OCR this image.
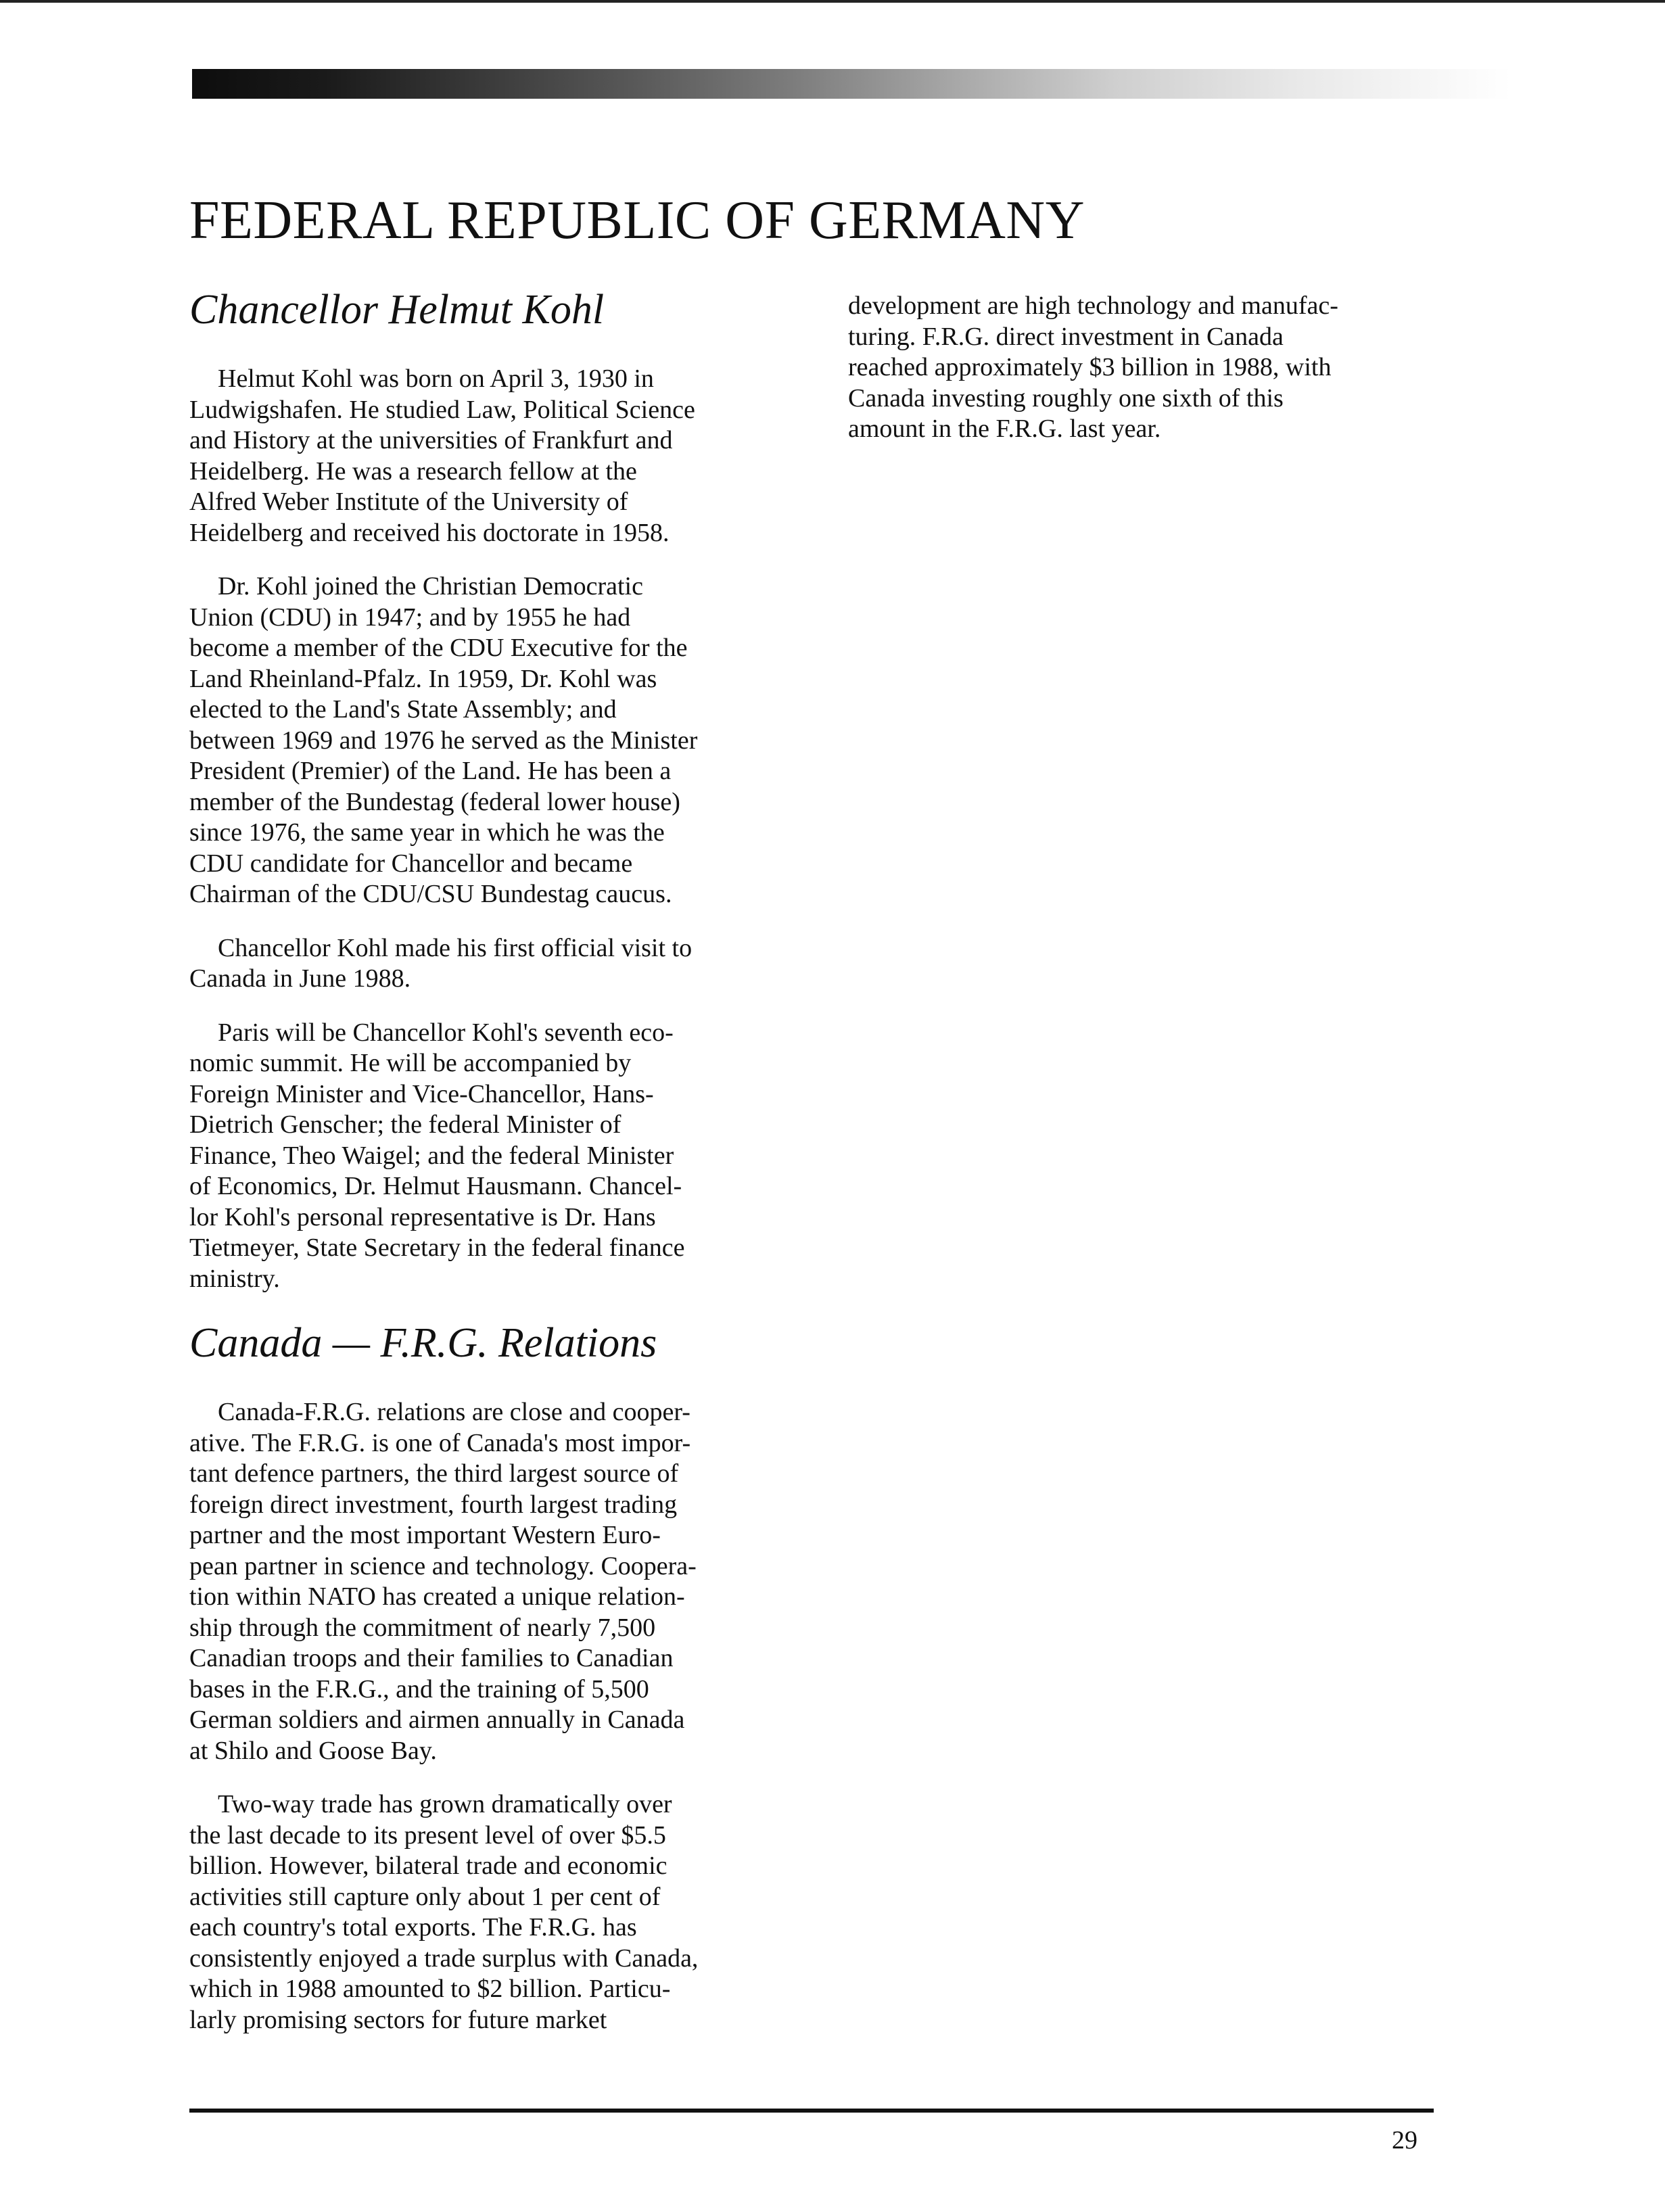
FEDERAL REPUBLIC OF GERMANY
Chancellor Helmut Kohl

Helmut Kohl was born on April 3, 1930 in
Ludwigshafen. He studied Law, Political Science
and History at the universities of Frankfurt and
Heidelberg. He was a research fellow at the
Alfred Weber Institute of the University of
Heidelberg and received his doctorate in 1958.

Dr. Kohl joined the Christian Democratic
Union (CDU) in 1947; and by 1955 he had
become a member of the CDU Executive for the
Land Rheinland-Pfalz. In 1959, Dr. Kohl was
elected to the Land's State Assembly; and
between 1969 and 1976 he served as the Minister
President (Premier) of the Land. He has been a
member of the Bundestag (federal lower house)
since 1976, the same year in which he was the
CDU candidate for Chancellor and became
Chairman of the CDU/CSU Bundestag caucus.

Chancellor Kohl made his first official visit to
Canada in June 1988.

Paris will be Chancellor Kohl's seventh eco-
nomic summit. He will be accompanied by
Foreign Minister and Vice-Chancellor, Hans-
Dietrich Genscher; the federal Minister of
Finance, Theo Waigel; and the federal Minister
of Economics, Dr. Helmut Hausmann. Chancel-
lor Kohl's personal representative is Dr. Hans
Tietmeyer, State Secretary in the federal finance
ministry.

Canada — F.R.G. Relations

Canada-F.R.G. relations are close and cooper-
ative. The F.R.G. is one of Canada's most impor-
tant defence partners, the third largest source of
foreign direct investment, fourth largest trading
partner and the most important Western Euro-
pean partner in science and technology. Coopera-
tion within NATO has created a unique relation-
ship through the commitment of nearly 7,500
Canadian troops and their families to Canadian
bases in the F.R.G., and the training of 5,500
German soldiers and airmen annually in Canada
at Shilo and Goose Bay.

Two-way trade has grown dramatically over
the last decade to its present level of over $5.5
billion. However, bilateral trade and economic
activities still capture only about 1 per cent of
each country's total exports. The F.R.G. has
consistently enjoyed a trade surplus with Canada,
which in 1988 amounted to $2 billion. Particu-
larly promising sectors for future market

development are high technology and manufac-
turing. F.R.G. direct investment in Canada
reached approximately $3 billion in 1988, with
Canada investing roughly one sixth of this
amount in the F.R.G. last year.

29
